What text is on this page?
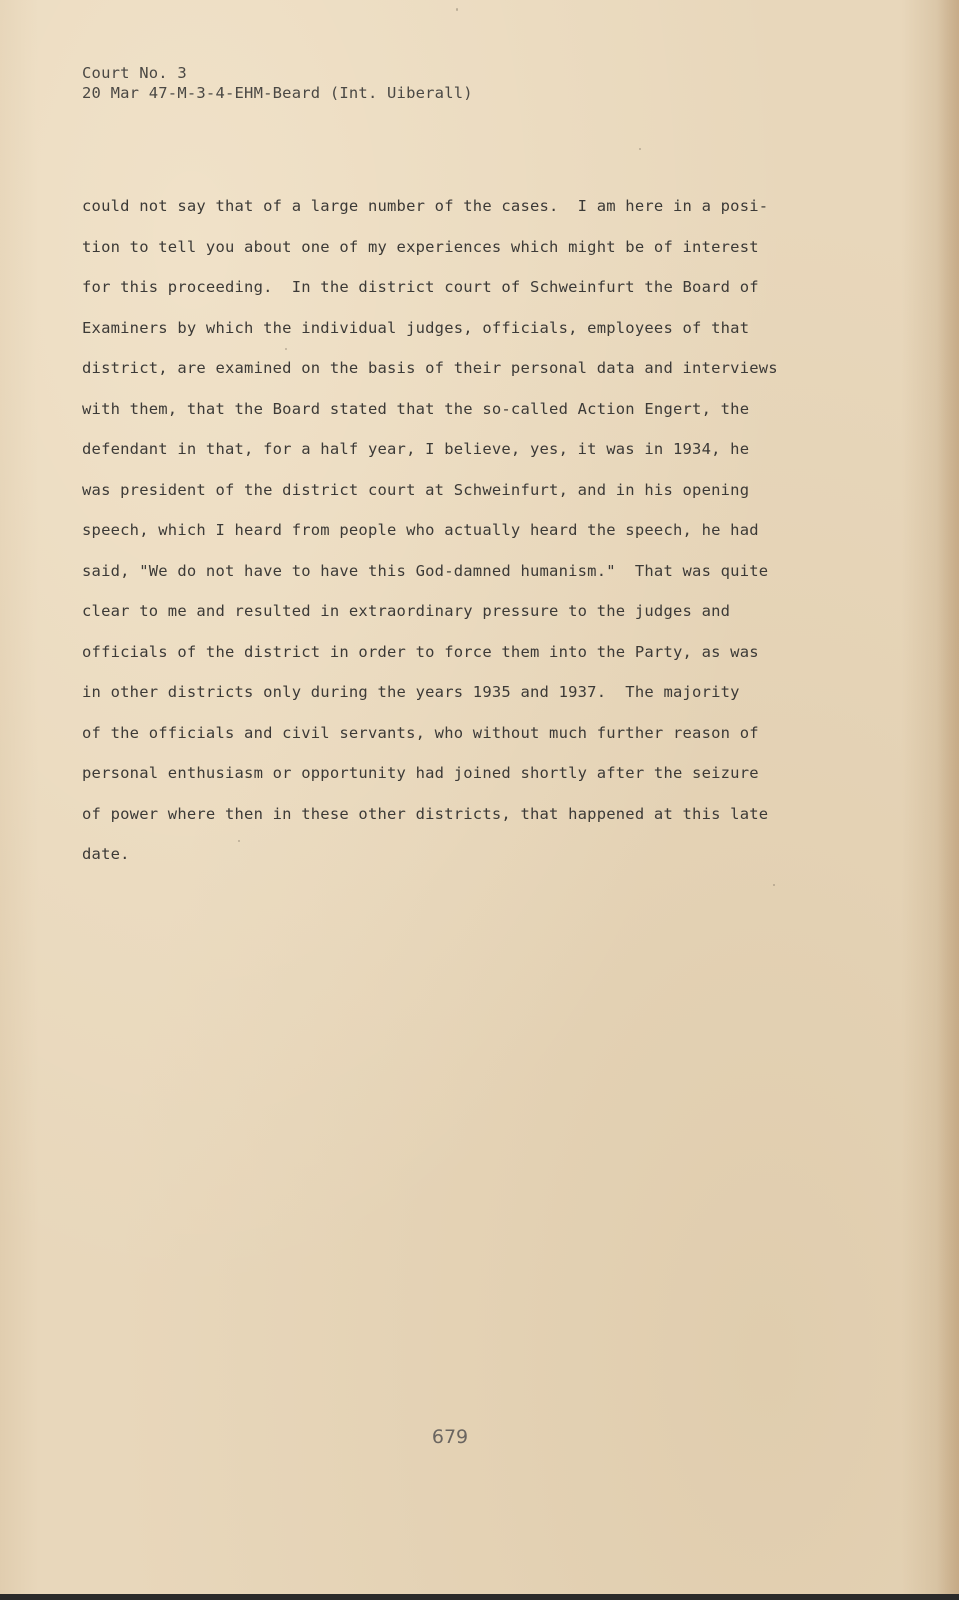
Court No. 3
20 Mar 47-M-3-4-EHM-Beard (Int. Uiberall)
could not say that of a large number of the cases.  I am here in a posi-
tion to tell you about one of my experiences which might be of interest
for this proceeding.  In the district court of Schweinfurt the Board of
Examiners by which the individual judges, officials, employees of that
district, are examined on the basis of their personal data and interviews
with them, that the Board stated that the so-called Action Engert, the
defendant in that, for a half year, I believe, yes, it was in 1934, he
was president of the district court at Schweinfurt, and in his opening
speech, which I heard from people who actually heard the speech, he had
said, "We do not have to have this God-damned humanism."  That was quite
clear to me and resulted in extraordinary pressure to the judges and
officials of the district in order to force them into the Party, as was
in other districts only during the years 1935 and 1937.  The majority
of the officials and civil servants, who without much further reason of
personal enthusiasm or opportunity had joined shortly after the seizure
of power where then in these other districts, that happened at this late
date.
679
